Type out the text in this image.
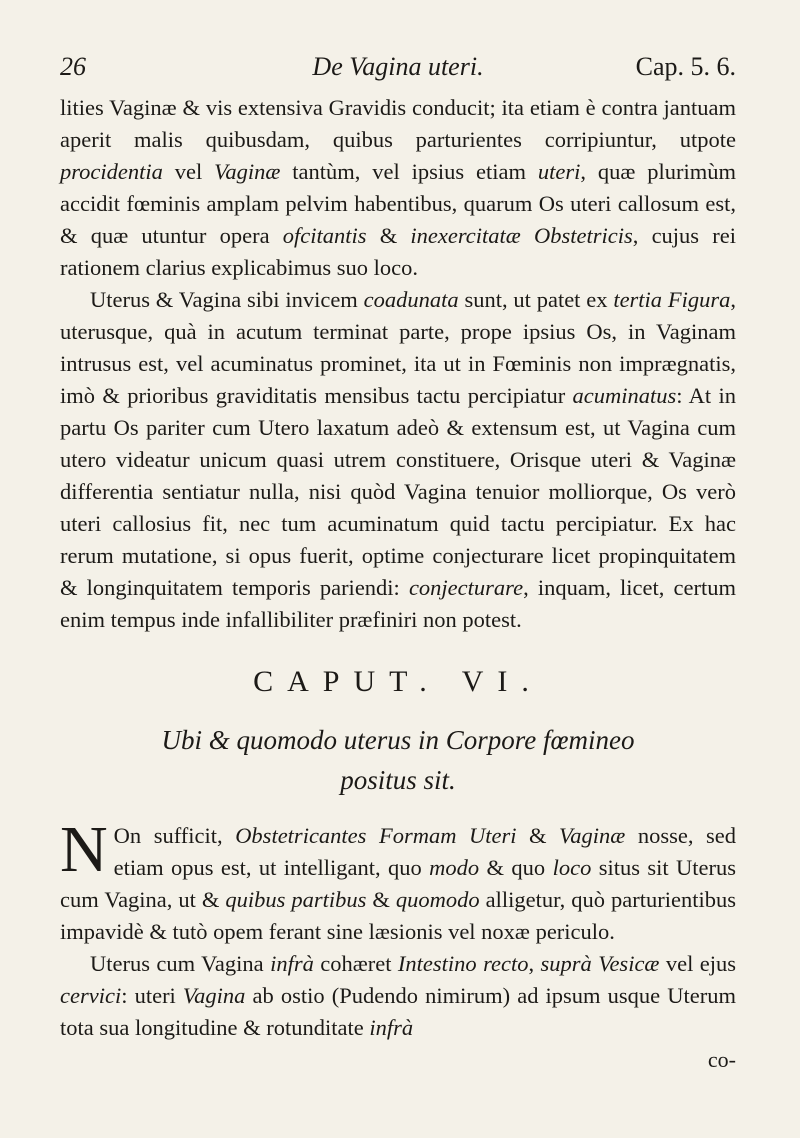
26	De Vagina uteri.	Cap. 5. 6.

lities Vaginæ & vis extensiva Gravidis conducit; ita etiam è contra jantuam aperit malis quibusdam, quibus parturientes corripiuntur, utpote procidentia vel Vaginæ tantùm, vel ipsius etiam uteri, quæ plurimùm accidit fœminis amplam pelvim habentibus, quarum Os uteri callosum est, & quæ utuntur opera ofcitantis & inexercitatæ Obstetricis, cujus rei rationem clarius explicabimus suo loco.

Uterus & Vagina sibi invicem coadunata sunt, ut patet ex tertia Figura, uterusque, quà in acutum terminat parte, prope ipsius Os, in Vaginam intrusus est, vel acuminatus prominet, ita ut in Fœminis non imprægnatis, imò & prioribus graviditatis mensibus tactu percipiatur acuminatus: At in partu Os pariter cum Utero laxatum adeò & extensum est, ut Vagina cum utero videatur unicum quasi utrem constituere, Orisque uteri & Vaginæ differentia sentiatur nulla, nisi quòd Vagina tenuior molliorque, Os verò uteri callosius fit, nec tum acuminatum quid tactu percipiatur. Ex hac rerum mutatione, si opus fuerit, optime conjecturare licet propinquitatem & longinquitatem temporis pariendi: conjecturare, inquam, licet, certum enim tempus inde infallibiliter præfiniri non potest.

CAPUT. VI.
Ubi & quomodo uterus in Corpore fœmineo
positus sit.

N On sufficit, Obstetricantes Formam Uteri & Vaginæ nosse, sed etiam opus est, ut intelligant, quo modo & quo loco situs sit Uterus cum Vagina, ut & quibus partibus & quomodo alligetur, quò parturientibus impavidè & tutò opem ferant sine læsionis vel noxæ periculo.

Uterus cum Vagina infrà cohæret Intestino recto, suprà Vesicæ vel ejus cervici: uteri Vagina ab ostio (Pudendo nimirum) ad ipsum usque Uterum tota sua longitudine & rotunditate infrà

co-
